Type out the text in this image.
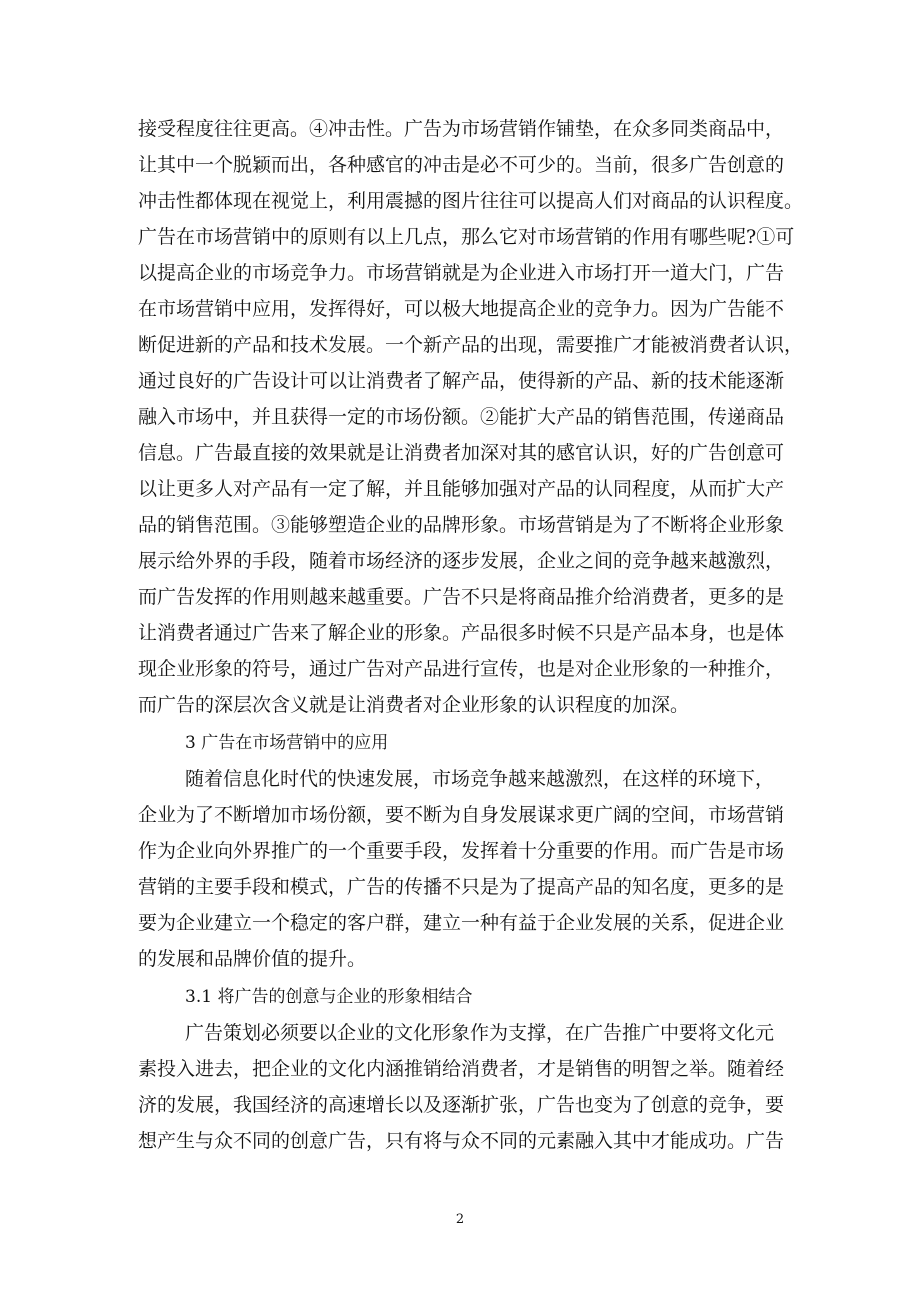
接受程度往往更高。④冲击性。广告为市场营销作铺垫，在众多同类商品中，
让其中一个脱颖而出，各种感官的冲击是必不可少的。当前，很多广告创意的
冲击性都体现在视觉上，利用震撼的图片往往可以提高人们对商品的认识程度。
广告在市场营销中的原则有以上几点，那么它对市场营销的作用有哪些呢?①可
以提高企业的市场竞争力。市场营销就是为企业进入市场打开一道大门，广告
在市场营销中应用，发挥得好，可以极大地提高企业的竞争力。因为广告能不
断促进新的产品和技术发展。一个新产品的出现，需要推广才能被消费者认识，
通过良好的广告设计可以让消费者了解产品，使得新的产品、新的技术能逐渐
融入市场中，并且获得一定的市场份额。②能扩大产品的销售范围，传递商品
信息。广告最直接的效果就是让消费者加深对其的感官认识，好的广告创意可
以让更多人对产品有一定了解，并且能够加强对产品的认同程度，从而扩大产
品的销售范围。③能够塑造企业的品牌形象。市场营销是为了不断将企业形象
展示给外界的手段，随着市场经济的逐步发展，企业之间的竞争越来越激烈，
而广告发挥的作用则越来越重要。广告不只是将商品推介给消费者，更多的是
让消费者通过广告来了解企业的形象。产品很多时候不只是产品本身，也是体
现企业形象的符号，通过广告对产品进行宣传，也是对企业形象的一种推介，
而广告的深层次含义就是让消费者对企业形象的认识程度的加深。
3 广告在市场营销中的应用
随着信息化时代的快速发展，市场竞争越来越激烈，在这样的环境下，
企业为了不断增加市场份额，要不断为自身发展谋求更广阔的空间，市场营销
作为企业向外界推广的一个重要手段，发挥着十分重要的作用。而广告是市场
营销的主要手段和模式，广告的传播不只是为了提高产品的知名度，更多的是
要为企业建立一个稳定的客户群，建立一种有益于企业发展的关系，促进企业
的发展和品牌价值的提升。
3.1 将广告的创意与企业的形象相结合
广告策划必须要以企业的文化形象作为支撑，在广告推广中要将文化元
素投入进去，把企业的文化内涵推销给消费者，才是销售的明智之举。随着经
济的发展，我国经济的高速增长以及逐渐扩张，广告也变为了创意的竞争，要
想产生与众不同的创意广告，只有将与众不同的元素融入其中才能成功。广告
2
